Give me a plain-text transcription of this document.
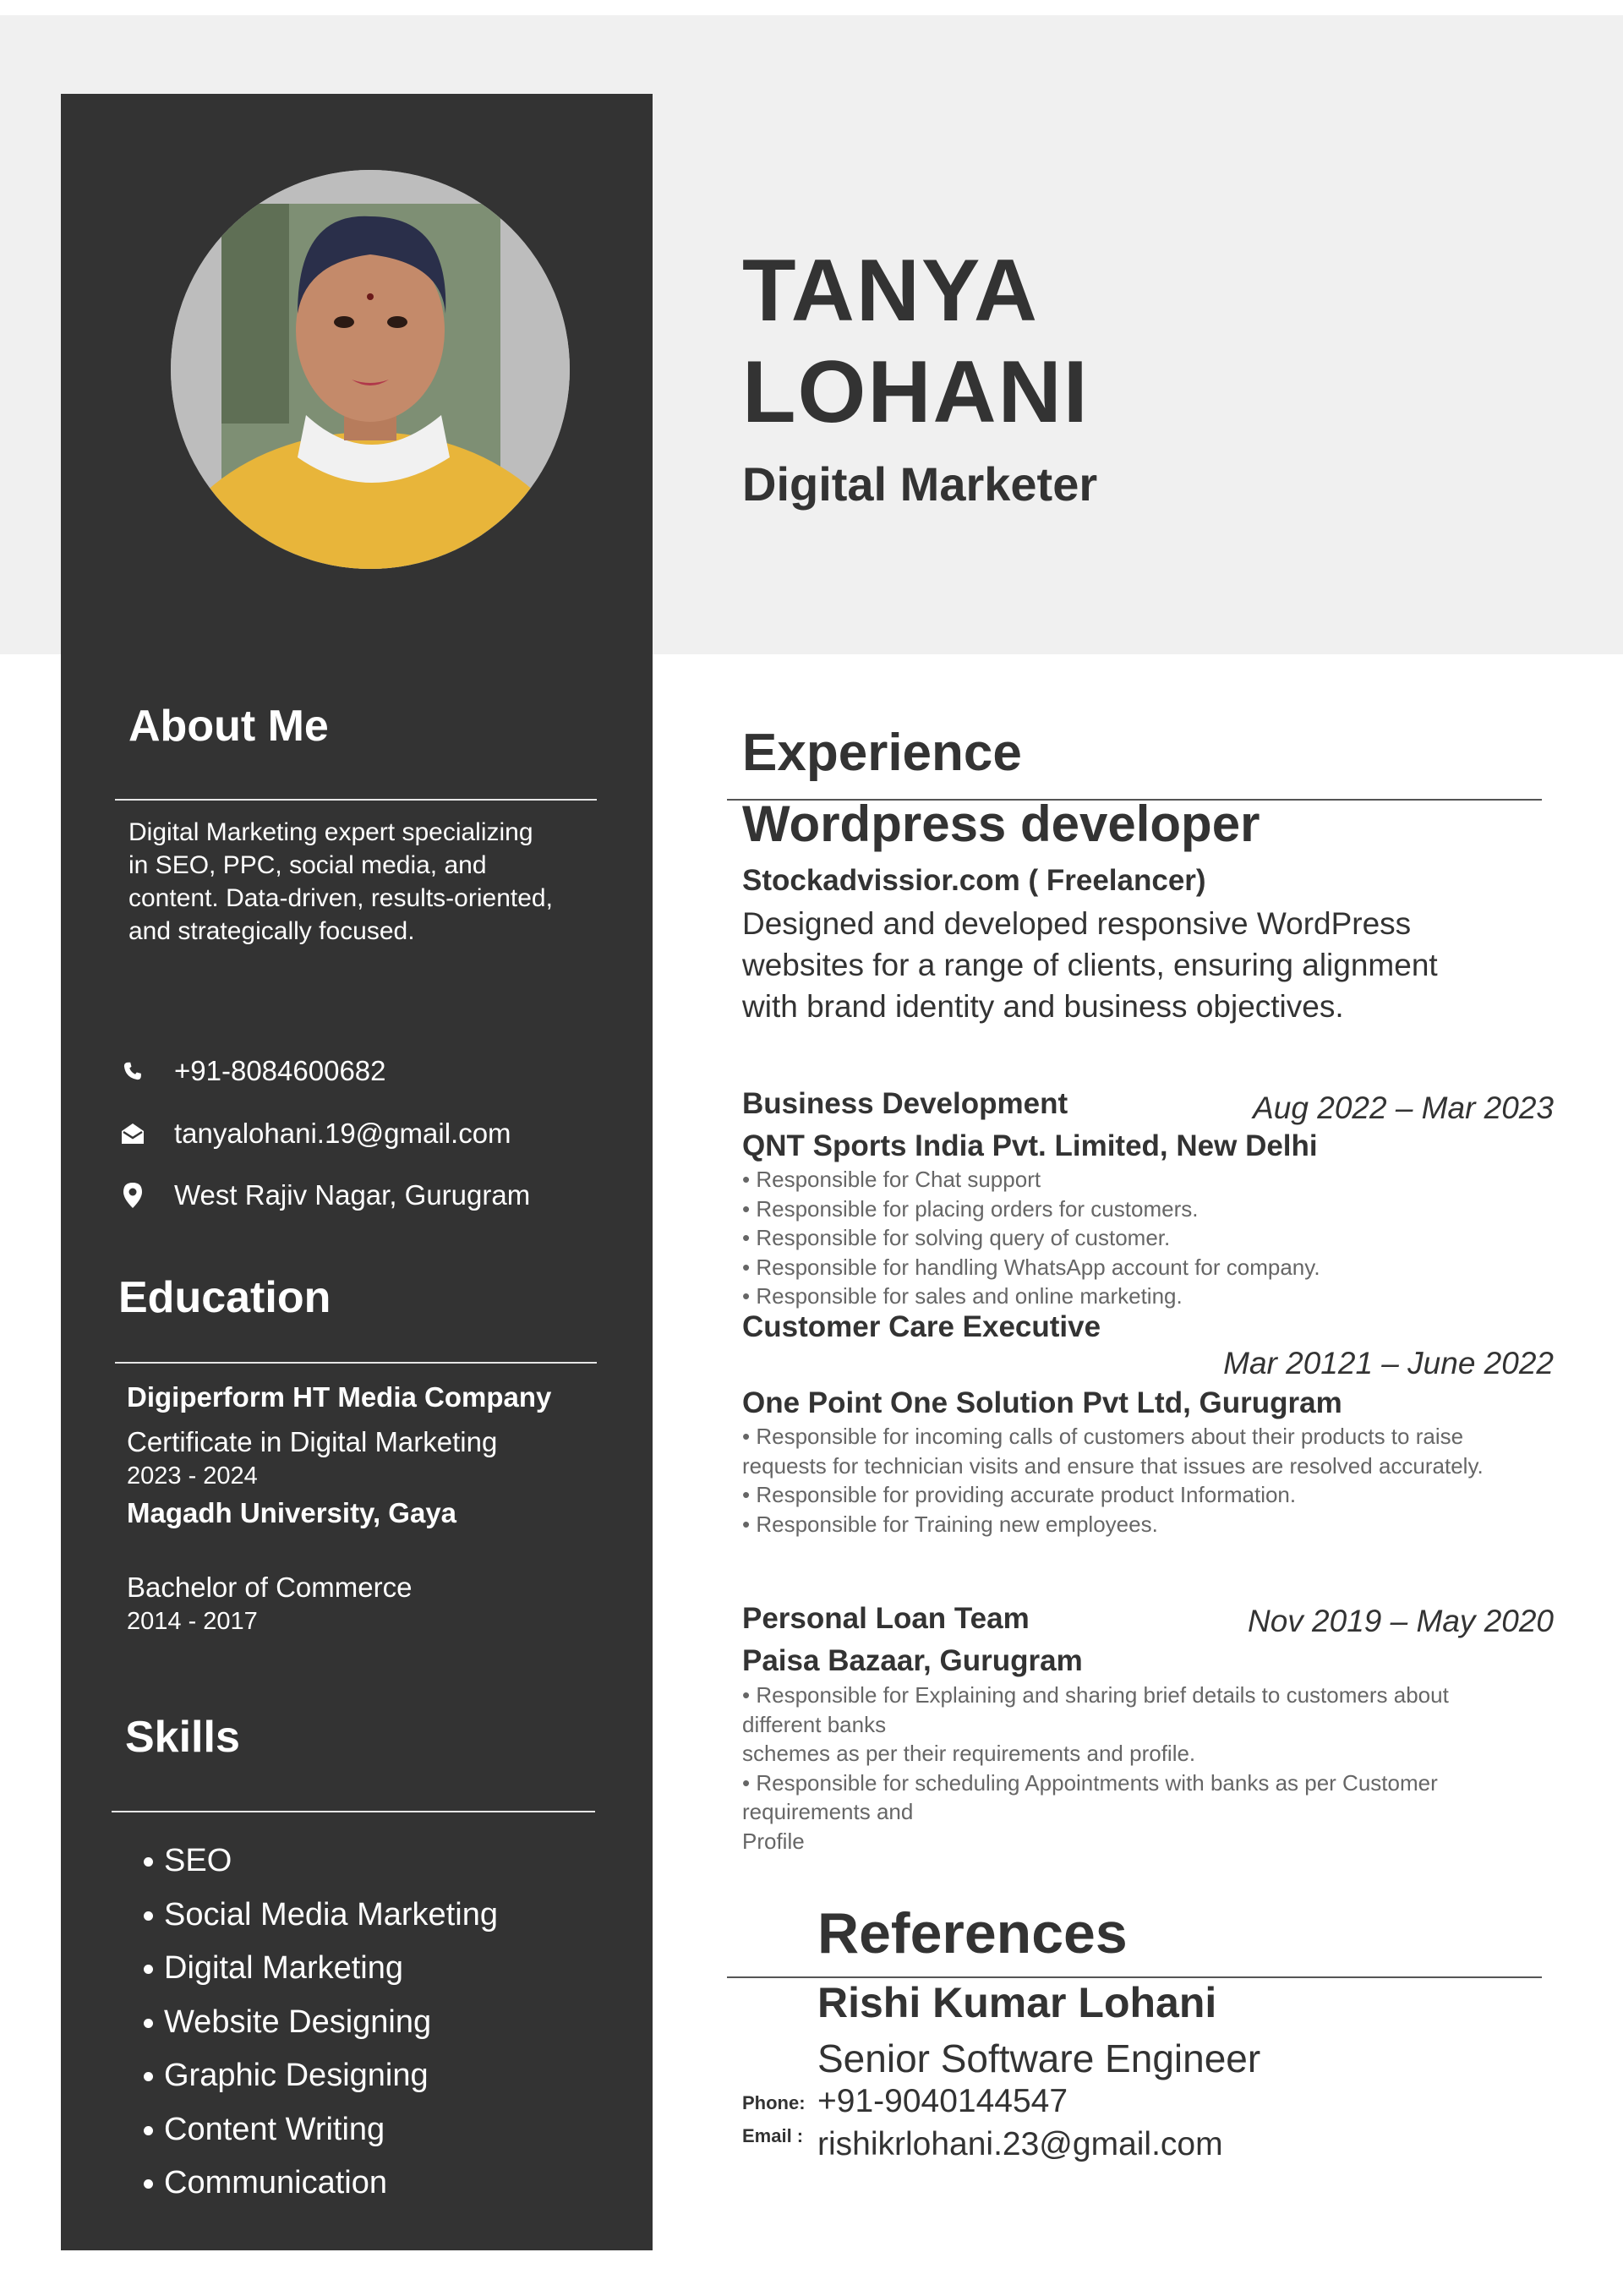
TANYA
LOHANI
Digital Marketer
About Me
Digital Marketing expert specializing
in SEO, PPC, social media, and
content. Data-driven, results-oriented,
and strategically focused.
+91-8084600682
tanyalohani.19@gmail.com
West Rajiv Nagar, Gurugram
Education
Digiperform HT Media Company
Certificate in Digital Marketing
2023 - 2024
Magadh University, Gaya
Bachelor of Commerce
2014 - 2017
Skills
SEO
Social Media Marketing
Digital Marketing
Website Designing
Graphic Designing
Content Writing
Communication
Experience
Wordpress developer
Stockadvissior.com ( Freelancer)
Designed and developed responsive WordPress
websites for a range of clients, ensuring alignment
with brand identity and business objectives.
Business Development	Aug 2022 – Mar 2023
QNT Sports India Pvt. Limited, New Delhi
• Responsible for Chat support
• Responsible for placing orders for customers.
• Responsible for solving query of customer.
• Responsible for handling WhatsApp account for company.
• Responsible for sales and online marketing.
Customer Care Executive
Mar 20121 – June 2022
One Point One Solution Pvt Ltd, Gurugram
• Responsible for incoming calls of customers about their products to raise
requests for technician visits and ensure that issues are resolved accurately.
• Responsible for providing accurate product Information.
• Responsible for Training new employees.
Personal Loan Team	Nov 2019 – May 2020
Paisa Bazaar, Gurugram
• Responsible for Explaining and sharing brief details to customers about
different banks
schemes as per their requirements and profile.
• Responsible for scheduling Appointments with banks as per Customer
requirements and
Profile
References
Rishi Kumar Lohani
Senior Software Engineer
Phone: +91-9040144547
Email : rishikrlohani.23@gmail.com
